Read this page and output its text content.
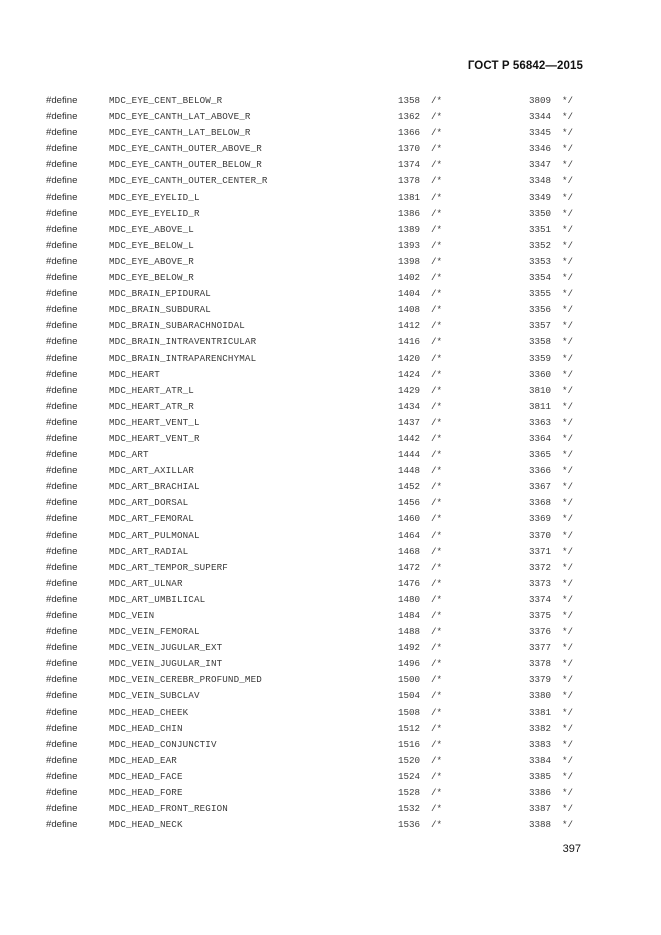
ГОСТ Р 56842—2015
#define	MDC_EYE_CENT_BELOW_R	1358 /*	3809 */
#define	MDC_EYE_CANTH_LAT_ABOVE_R	1362 /*	3344 */
#define	MDC_EYE_CANTH_LAT_BELOW_R	1366 /*	3345 */
#define	MDC_EYE_CANTH_OUTER_ABOVE_R	1370 /*	3346 */
#define	MDC_EYE_CANTH_OUTER_BELOW_R	1374 /*	3347 */
#define	MDC_EYE_CANTH_OUTER_CENTER_R	1378 /*	3348 */
#define	MDC_EYE_EYELID_L	1381 /*	3349 */
#define	MDC_EYE_EYELID_R	1386 /*	3350 */
#define	MDC_EYE_ABOVE_L	1389 /*	3351 */
#define	MDC_EYE_BELOW_L	1393 /*	3352 */
#define	MDC_EYE_ABOVE_R	1398 /*	3353 */
#define	MDC_EYE_BELOW_R	1402 /*	3354 */
#define	MDC_BRAIN_EPIDURAL	1404 /*	3355 */
#define	MDC_BRAIN_SUBDURAL	1408 /*	3356 */
#define	MDC_BRAIN_SUBARACHNOIDAL	1412 /*	3357 */
#define	MDC_BRAIN_INTRAVENTRICULAR	1416 /*	3358 */
#define	MDC_BRAIN_INTRAPARENCHYMAL	1420 /*	3359 */
#define	MDC_HEART	1424 /*	3360 */
#define	MDC_HEART_ATR_L	1429 /*	3810 */
#define	MDC_HEART_ATR_R	1434 /*	3811 */
#define	MDC_HEART_VENT_L	1437 /*	3363 */
#define	MDC_HEART_VENT_R	1442 /*	3364 */
#define	MDC_ART	1444 /*	3365 */
#define	MDC_ART_AXILLAR	1448 /*	3366 */
#define	MDC_ART_BRACHIAL	1452 /*	3367 */
#define	MDC_ART_DORSAL	1456 /*	3368 */
#define	MDC_ART_FEMORAL	1460 /*	3369 */
#define	MDC_ART_PULMONAL	1464 /*	3370 */
#define	MDC_ART_RADIAL	1468 /*	3371 */
#define	MDC_ART_TEMPOR_SUPERF	1472 /*	3372 */
#define	MDC_ART_ULNAR	1476 /*	3373 */
#define	MDC_ART_UMBILICAL	1480 /*	3374 */
#define	MDC_VEIN	1484 /*	3375 */
#define	MDC_VEIN_FEMORAL	1488 /*	3376 */
#define	MDC_VEIN_JUGULAR_EXT	1492 /*	3377 */
#define	MDC_VEIN_JUGULAR_INT	1496 /*	3378 */
#define	MDC_VEIN_CEREBR_PROFUND_MED	1500 /*	3379 */
#define	MDC_VEIN_SUBCLAV	1504 /*	3380 */
#define	MDC_HEAD_CHEEK	1508 /*	3381 */
#define	MDC_HEAD_CHIN	1512 /*	3382 */
#define	MDC_HEAD_CONJUNCTIV	1516 /*	3383 */
#define	MDC_HEAD_EAR	1520 /*	3384 */
#define	MDC_HEAD_FACE	1524 /*	3385 */
#define	MDC_HEAD_FORE	1528 /*	3386 */
#define	MDC_HEAD_FRONT_REGION	1532 /*	3387 */
#define	MDC_HEAD_NECK	1536 /*	3388 */
397
